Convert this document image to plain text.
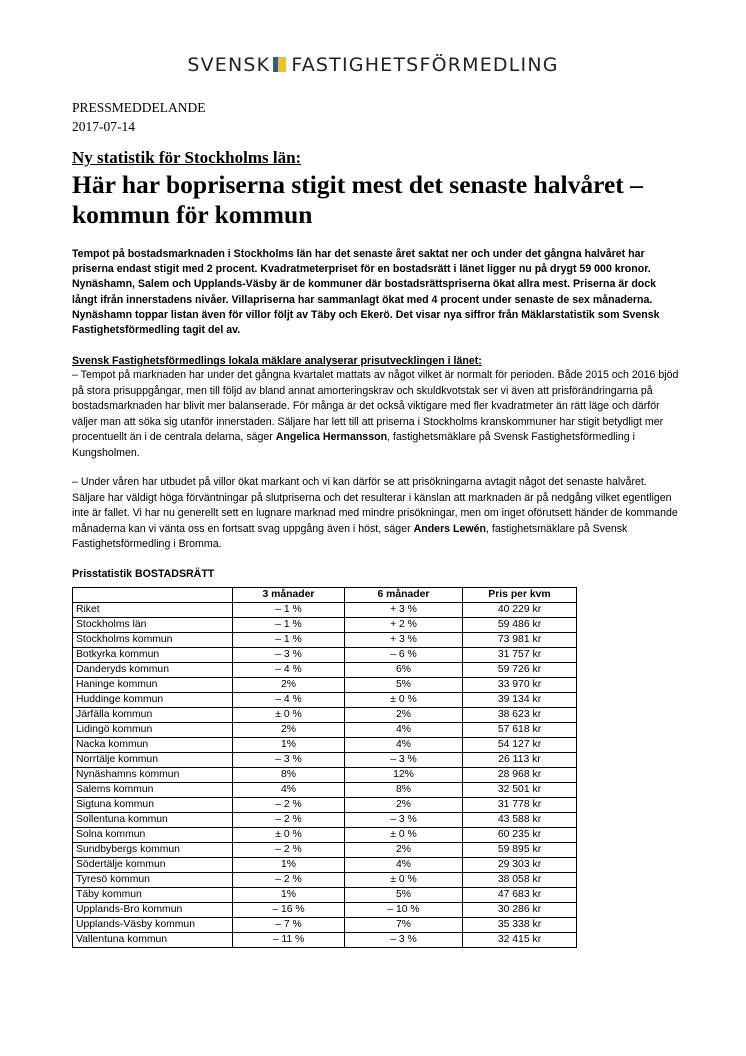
SVENSK FASTIGHETSFÖRMEDLING
PRESSMEDDELANDE
2017-07-14
Ny statistik för Stockholms län:
Här har bopriserna stigit mest det senaste halvåret – kommun för kommun
Tempot på bostadsmarknaden i Stockholms län har det senaste året saktat ner och under det gångna halvåret har priserna endast stigit med 2 procent. Kvadratmeterpriset för en bostadsrätt i länet ligger nu på drygt 59 000 kronor. Nynäshamn, Salem och Upplands-Väsby är de kommuner där bostadsrättspriserna ökat allra mest. Priserna är dock långt ifrån innerstadens nivåer. Villapriserna har sammanlagt ökat med 4 procent under senaste de sex månaderna. Nynäshamn toppar listan även för villor följt av Täby och Ekerö. Det visar nya siffror från Mäklarstatistik som Svensk Fastighetsförmedling tagit del av.
Svensk Fastighetsförmedlings lokala mäklare analyserar prisutvecklingen i länet:
– Tempot på marknaden har under det gångna kvartalet mattats av något vilket är normalt för perioden. Både 2015 och 2016 bjöd på stora prisuppgångar, men till följd av bland annat amorteringskrav och skuldkvotstak ser vi även att prisförändringarna på bostadsmarknaden har blivit mer balanserade. För många är det också viktigare med fler kvadratmeter än rätt läge och därför väljer man att söka sig utanför innerstaden. Säljare har lett till att priserna i Stockholms kranskommuner har stigit betydligt mer procentuellt än i de centrala delarna, säger Angelica Hermansson, fastighetsmäklare på Svensk Fastighetsförmedling i Kungsholmen.
– Under våren har utbudet på villor ökat markant och vi kan därför se att prisökningarna avtagit något det senaste halvåret. Säljare har väldigt höga förväntningar på slutpriserna och det resulterar i känslan att marknaden är på nedgång vilket egentligen inte är fallet. Vi har nu generellt sett en lugnare marknad med mindre prisökningar, men om inget oförutsett händer de kommande månaderna kan vi vänta oss en fortsatt svag uppgång även i höst, säger Anders Lewén, fastighetsmäklare på Svensk Fastighetsförmedling i Bromma.
Prisstatistik BOSTADSRÄTT
	3 månader	6 månader	Pris per kvm
Riket	– 1 %	+ 3 %	40 229 kr
Stockholms län	– 1 %	+ 2 %	59 486 kr
Stockholms kommun	– 1 %	+ 3 %	73 981 kr
Botkyrka kommun	– 3 %	– 6 %	31 757 kr
Danderyds kommun	– 4 %	6%	59 726 kr
Haninge kommun	2%	5%	33 970 kr
Huddinge kommun	– 4 %	± 0 %	39 134 kr
Järfälla kommun	± 0 %	2%	38 623 kr
Lidingö kommun	2%	4%	57 618 kr
Nacka kommun	1%	4%	54 127 kr
Norrtälje kommun	– 3 %	– 3 %	26 113 kr
Nynäshamns kommun	8%	12%	28 968 kr
Salems kommun	4%	8%	32 501 kr
Sigtuna kommun	– 2 %	2%	31 778 kr
Sollentuna kommun	– 2 %	– 3 %	43 588 kr
Solna kommun	± 0 %	± 0 %	60 235 kr
Sundbybergs kommun	– 2 %	2%	59 895 kr
Södertälje kommun	1%	4%	29 303 kr
Tyresö kommun	– 2 %	± 0 %	38 058 kr
Täby kommun	1%	5%	47 683 kr
Upplands-Bro kommun	– 16 %	– 10 %	30 286 kr
Upplands-Väsby kommun	– 7 %	7%	35 338 kr
Vallentuna kommun	– 11 %	– 3 %	32 415 kr
